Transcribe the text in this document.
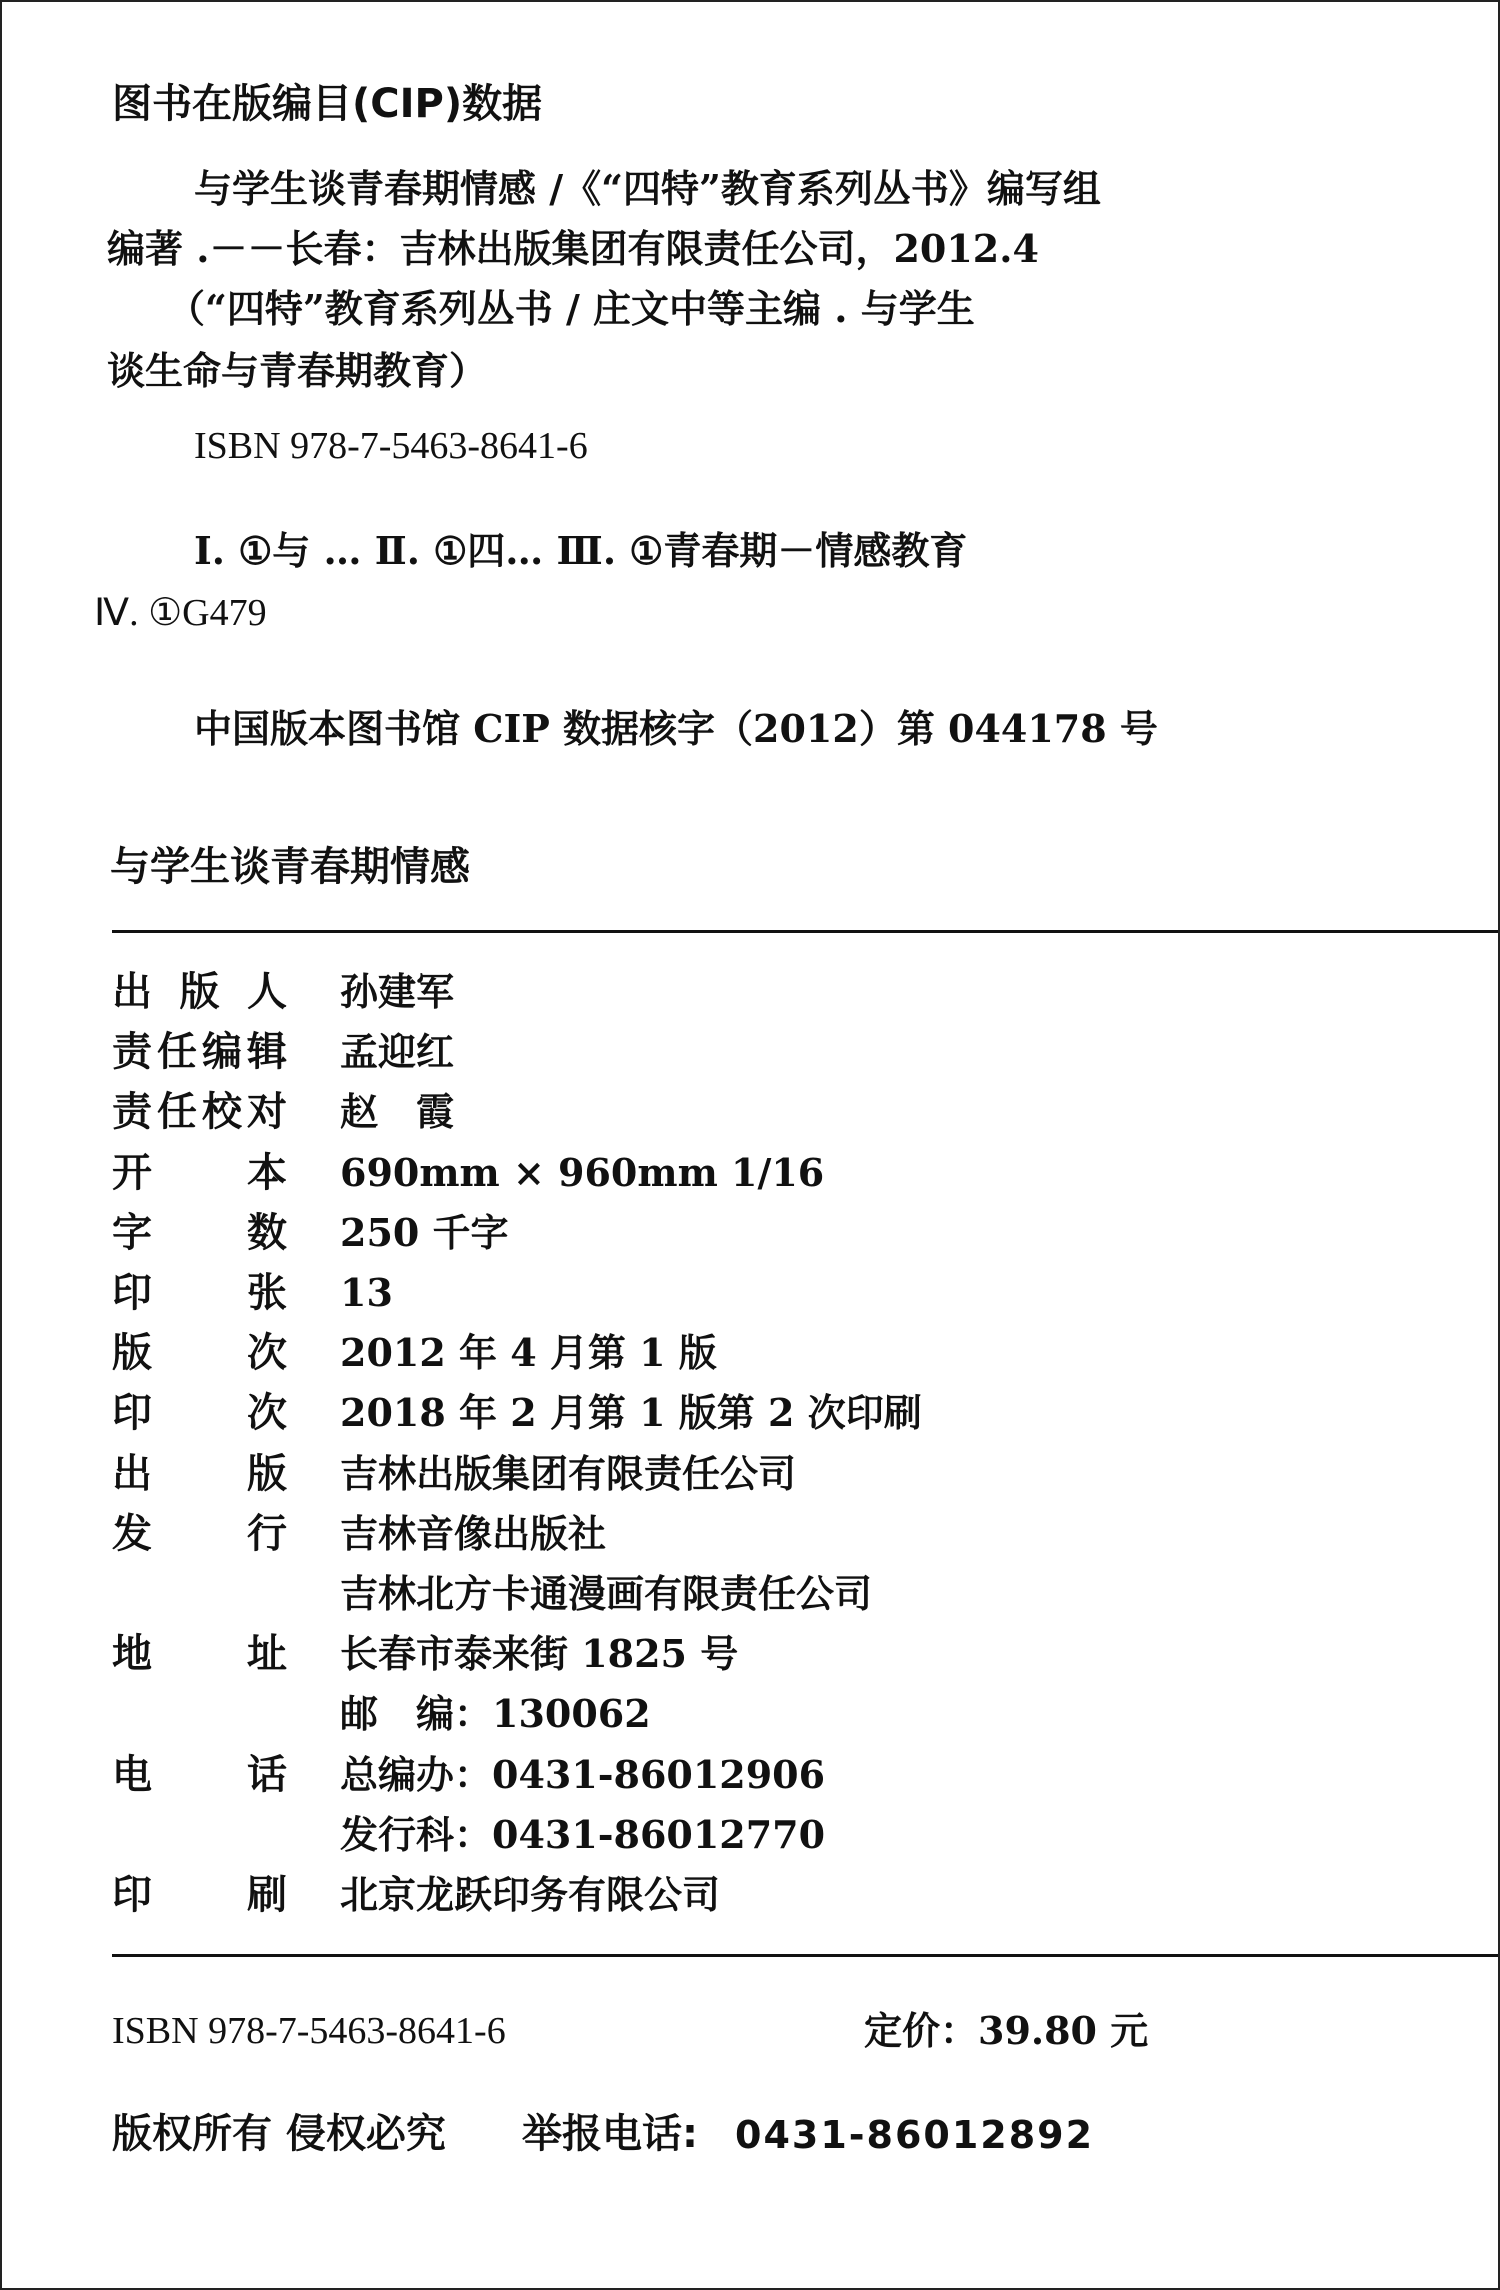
图书在版编目(CIP)数据
与学生谈青春期情感 /《“四特”教育系列丛书》编写组
编著 .－－长春：吉林出版集团有限责任公司，2012.4
（“四特”教育系列丛书 / 庄文中等主编 . 与学生
谈生命与青春期教育）
ISBN 978-7-5463-8641-6
Ⅰ. ①与 … Ⅱ. ①四… Ⅲ. ①青春期－情感教育
Ⅳ. ①G479
中国版本图书馆 CIP 数据核字（2012）第 044178 号
与学生谈青春期情感
出 版 人 孙建军
责 任 编 辑 孟迎红
责 任 校 对 赵　霞
开 本 690mm × 960mm 1/16
字 数 250 千字
印 张 13
版 次 2012 年 4 月第 1 版
印 次 2018 年 2 月第 1 版第 2 次印刷
出 版 吉林出版集团有限责任公司
发 行 吉林音像出版社
吉林北方卡通漫画有限责任公司
地 址 长春市泰来街 1825 号
邮　编：130062
电 话 总编办：0431-86012906
发行科：0431-86012770
印 刷 北京龙跃印务有限公司
ISBN 978-7-5463-8641-6	定价：39.80 元
版权所有 侵权必究 举报电话: 0431-86012892
